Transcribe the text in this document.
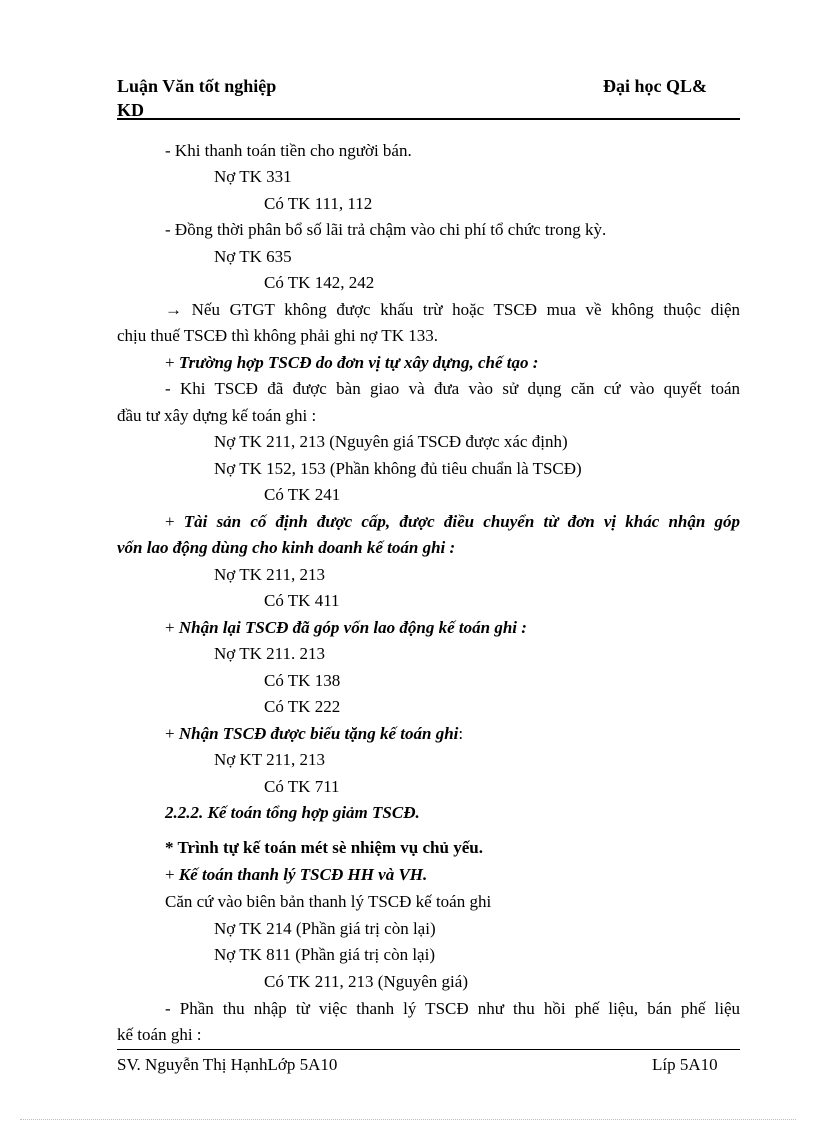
Luận Văn tốt nghiệp
KD
Đại học QL&
- Khi thanh toán tiền cho người bán.
Nợ TK 331
Có TK 111, 112
- Đồng thời phân bổ số lãi trả chậm vào chi phí tổ chức trong kỳ.
Nợ TK 635
Có TK 142, 242
→ Nếu GTGT không được khấu trừ hoặc TSCĐ mua về không thuộc diện
chịu thuế TSCĐ thì không phải ghi nợ TK 133.
+ Trường hợp TSCĐ do đơn vị tự xây dựng, chế tạo :
- Khi TSCĐ đã được bàn giao và đưa vào sử dụng căn cứ vào quyết toán
đầu tư xây dựng kế toán ghi :
Nợ TK 211, 213 (Nguyên giá TSCĐ được xác định)
Nợ TK 152, 153 (Phần không đủ tiêu chuẩn là TSCĐ)
Có TK 241
+ Tài sản cố định được cấp, được điều chuyển từ đơn vị khác nhận góp
vốn lao động dùng cho kinh doanh kế toán ghi :
Nợ TK 211, 213
Có TK 411
+ Nhận lại TSCĐ đã góp vốn lao động kế toán ghi :
Nợ TK 211. 213
Có TK 138
Có TK 222
+ Nhận TSCĐ được biếu tặng kế toán ghi:
Nợ KT 211, 213
Có TK 711
2.2.2. Kế toán tổng hợp giảm TSCĐ.
* Trình tự kế toán mét sè nhiệm vụ chủ yếu.
+ Kế toán thanh lý TSCĐ HH và VH.
Căn cứ vào biên bản thanh lý TSCĐ kế toán ghi
Nợ TK 214 (Phần giá trị còn lại)
Nợ TK 811 (Phần giá trị còn lại)
Có TK 211, 213 (Nguyên giá)
- Phần thu nhập từ việc thanh lý TSCĐ như thu hồi phế liệu, bán phế liệu
kế toán ghi :
SV. Nguyễn Thị HạnhLớp 5A10	Líp 5A10
